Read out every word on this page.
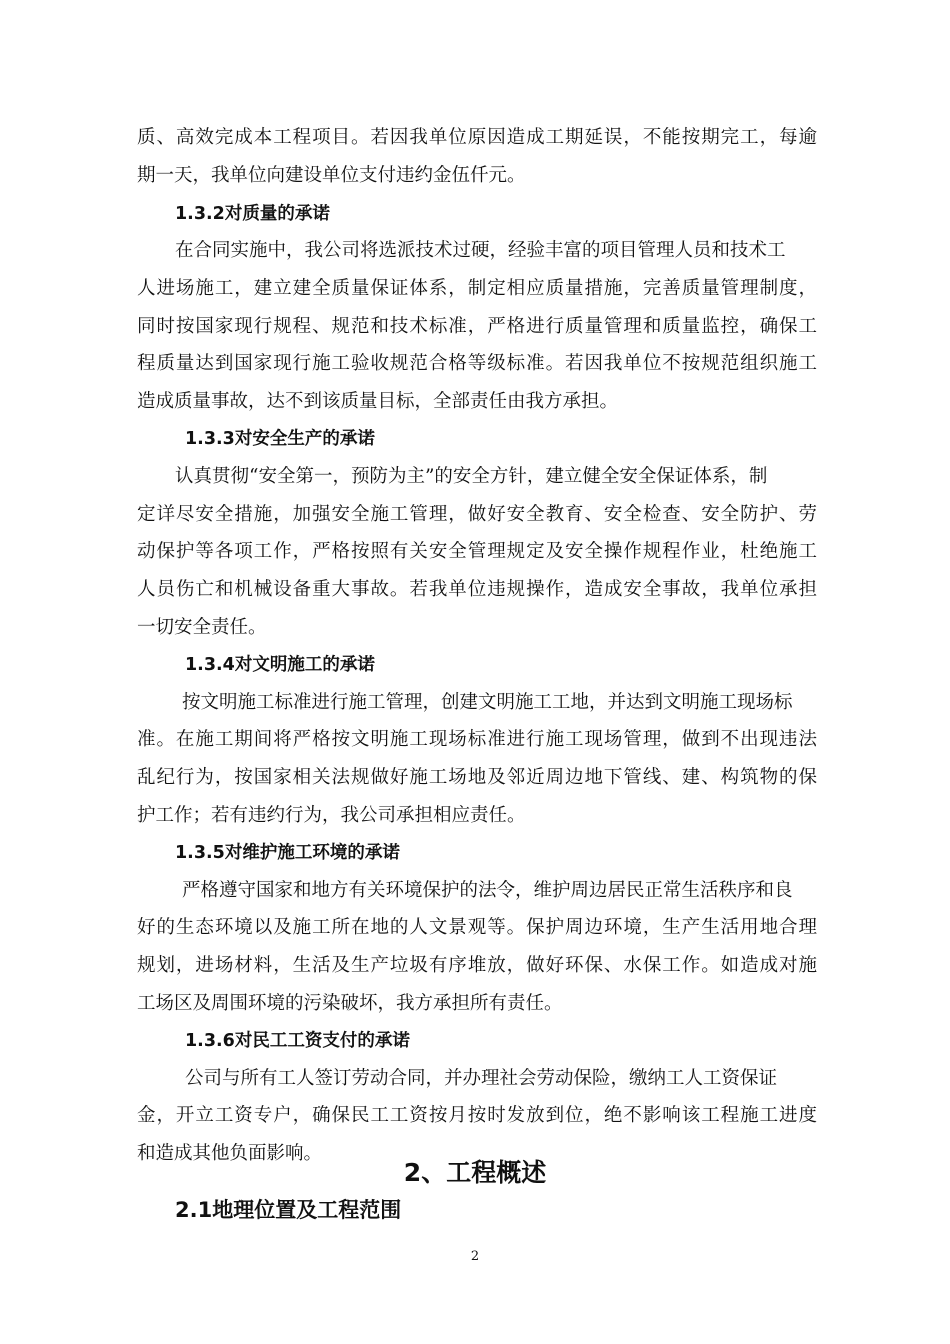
质、高效完成本工程项目。若因我单位原因造成工期延误，不能按期完工，每逾
期一天，我单位向建设单位支付违约金伍仟元。
1.3.2对质量的承诺
在合同实施中，我公司将选派技术过硬，经验丰富的项目管理人员和技术工
人进场施工，建立建全质量保证体系，制定相应质量措施，完善质量管理制度，
同时按国家现行规程、规范和技术标准，严格进行质量管理和质量监控，确保工
程质量达到国家现行施工验收规范合格等级标准。若因我单位不按规范组织施工
造成质量事故，达不到该质量目标，全部责任由我方承担。
1.3.3对安全生产的承诺
认真贯彻“安全第一，预防为主”的安全方针，建立健全安全保证体系，制
定详尽安全措施，加强安全施工管理，做好安全教育、安全检查、安全防护、劳
动保护等各项工作，严格按照有关安全管理规定及安全操作规程作业，杜绝施工
人员伤亡和机械设备重大事故。若我单位违规操作，造成安全事故，我单位承担
一切安全责任。
1.3.4对文明施工的承诺
按文明施工标准进行施工管理，创建文明施工工地，并达到文明施工现场标
准。在施工期间将严格按文明施工现场标准进行施工现场管理，做到不出现违法
乱纪行为，按国家相关法规做好施工场地及邻近周边地下管线、建、构筑物的保
护工作；若有违约行为，我公司承担相应责任。
1.3.5对维护施工环境的承诺
严格遵守国家和地方有关环境保护的法令，维护周边居民正常生活秩序和良
好的生态环境以及施工所在地的人文景观等。保护周边环境，生产生活用地合理
规划，进场材料，生活及生产垃圾有序堆放，做好环保、水保工作。如造成对施
工场区及周围环境的污染破坏，我方承担所有责任。
1.3.6对民工工资支付的承诺
公司与所有工人签订劳动合同，并办理社会劳动保险，缴纳工人工资保证
金，开立工资专户，确保民工工资按月按时发放到位，绝不影响该工程施工进度
和造成其他负面影响。
2、工程概述
2.1地理位置及工程范围
2
